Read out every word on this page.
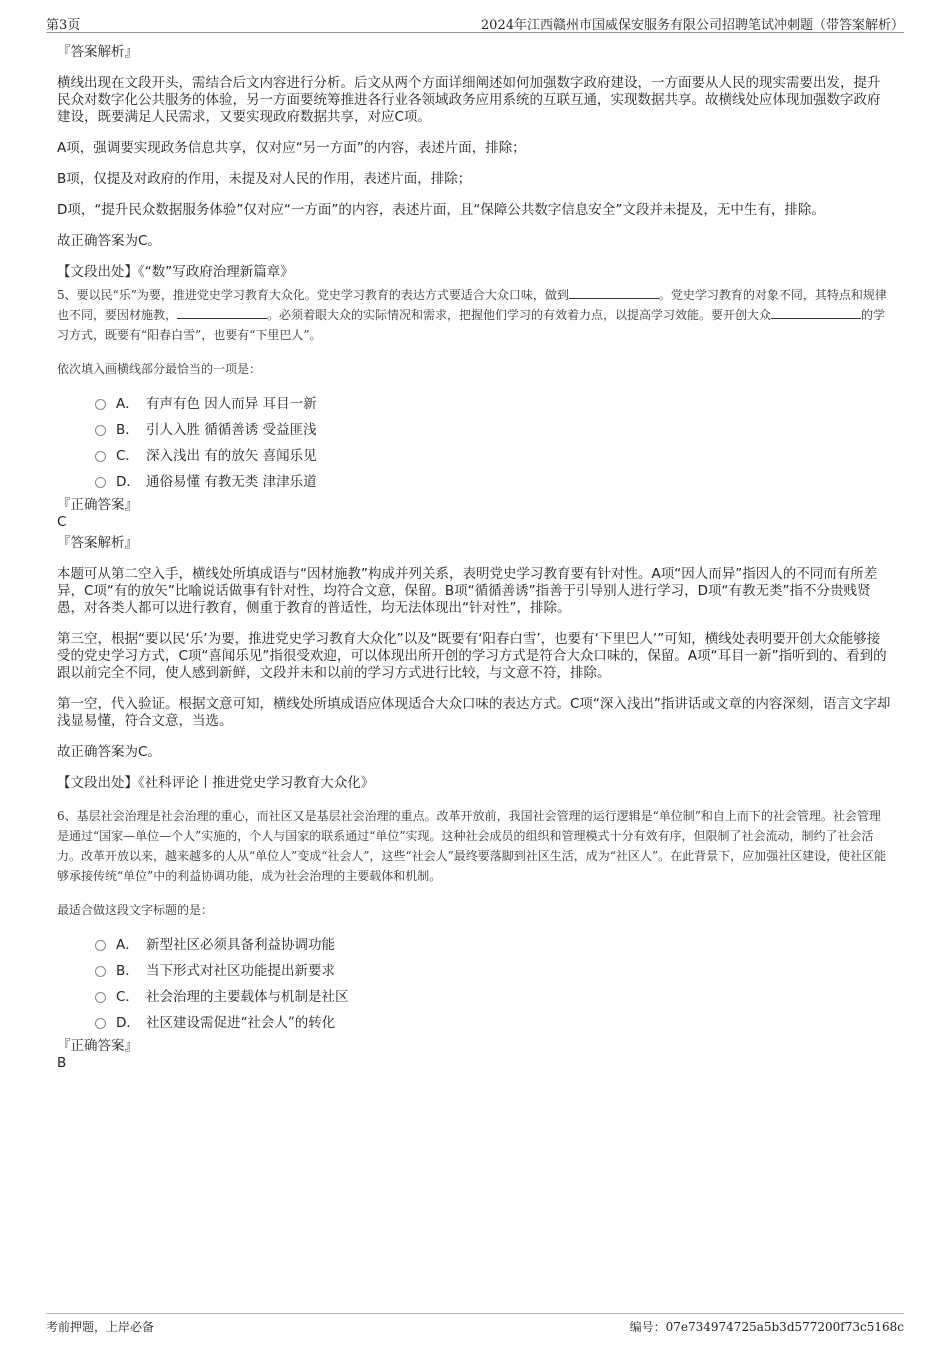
第3页	2024年江西赣州市国威保安服务有限公司招聘笔试冲刺题（带答案解析）

『答案解析』

横线出现在文段开头，需结合后文内容进行分析。后文从两个方面详细阐述如何加强数字政府建设，一方面要从人民的现实需要出发，提升民众对数字化公共服务的体验，另一方面要统筹推进各行业各领域政务应用系统的互联互通，实现数据共享。故横线处应体现加强数字政府建设，既要满足人民需求，又要实现政府数据共享，对应C项。

A项，强调要实现政务信息共享，仅对应“另一方面”的内容，表述片面，排除；

B项，仅提及对政府的作用，未提及对人民的作用，表述片面，排除；

D项，“提升民众数据服务体验”仅对应“一方面”的内容，表述片面，且“保障公共数字信息安全”文段并未提及，无中生有，排除。

故正确答案为C。

【文段出处】《“数”写政府治理新篇章》

5、要以民“乐”为要，推进党史学习教育大众化。党史学习教育的表达方式要适合大众口味，做到	。党史学习教育的对象不同，其特点和规律也不同，要因材施教，	。必须着眼大众的实际情况和需求，把握他们学习的有效着力点，以提高学习效能。要开创大众	的学习方式，既要有“阳春白雪”，也要有“下里巴人”。

依次填入画横线部分最恰当的一项是：

A． 有声有色 因人而异 耳目一新
B． 引人入胜 循循善诱 受益匪浅
C． 深入浅出 有的放矢 喜闻乐见
D． 通俗易懂 有教无类 津津乐道

『正确答案』

C

『答案解析』

本题可从第二空入手，横线处所填成语与“因材施教”构成并列关系，表明党史学习教育要有针对性。A项“因人而异”指因人的不同而有所差异，C项“有的放矢”比喻说话做事有针对性，均符合文意，保留。B项“循循善诱”指善于引导别人进行学习，D项“有教无类”指不分贵贱贤愚，对各类人都可以进行教育，侧重于教育的普适性，均无法体现出“针对性”，排除。

第三空，根据“要以民‘乐’为要，推进党史学习教育大众化”以及“既要有‘阳春白雪’，也要有‘下里巴人’”可知，横线处表明要开创大众能够接受的党史学习方式，C项“喜闻乐见”指很受欢迎，可以体现出所开创的学习方式是符合大众口味的，保留。A项“耳目一新”指听到的、看到的跟以前完全不同，使人感到新鲜，文段并未和以前的学习方式进行比较，与文意不符，排除。

第一空，代入验证。根据文意可知，横线处所填成语应体现适合大众口味的表达方式。C项“深入浅出”指讲话或文章的内容深刻，语言文字却浅显易懂，符合文意，当选。

故正确答案为C。

【文段出处】《社科评论丨推进党史学习教育大众化》

6、基层社会治理是社会治理的重心，而社区又是基层社会治理的重点。改革开放前，我国社会管理的运行逻辑是“单位制”和自上而下的社会管理。社会管理是通过“国家—单位—个人”实施的，个人与国家的联系通过“单位”实现。这种社会成员的组织和管理模式十分有效有序，但限制了社会流动，制约了社会活力。改革开放以来，越来越多的人从“单位人”变成“社会人”，这些“社会人”最终要落脚到社区生活，成为“社区人”。在此背景下，应加强社区建设，使社区能够承接传统“单位”中的利益协调功能，成为社会治理的主要载体和机制。

最适合做这段文字标题的是：

A． 新型社区必须具备利益协调功能
B． 当下形式对社区功能提出新要求
C． 社会治理的主要载体与机制是社区
D． 社区建设需促进“社会人”的转化

『正确答案』

B

考前押题，上岸必备	编号：07e734974725a5b3d577200f73c5168c
